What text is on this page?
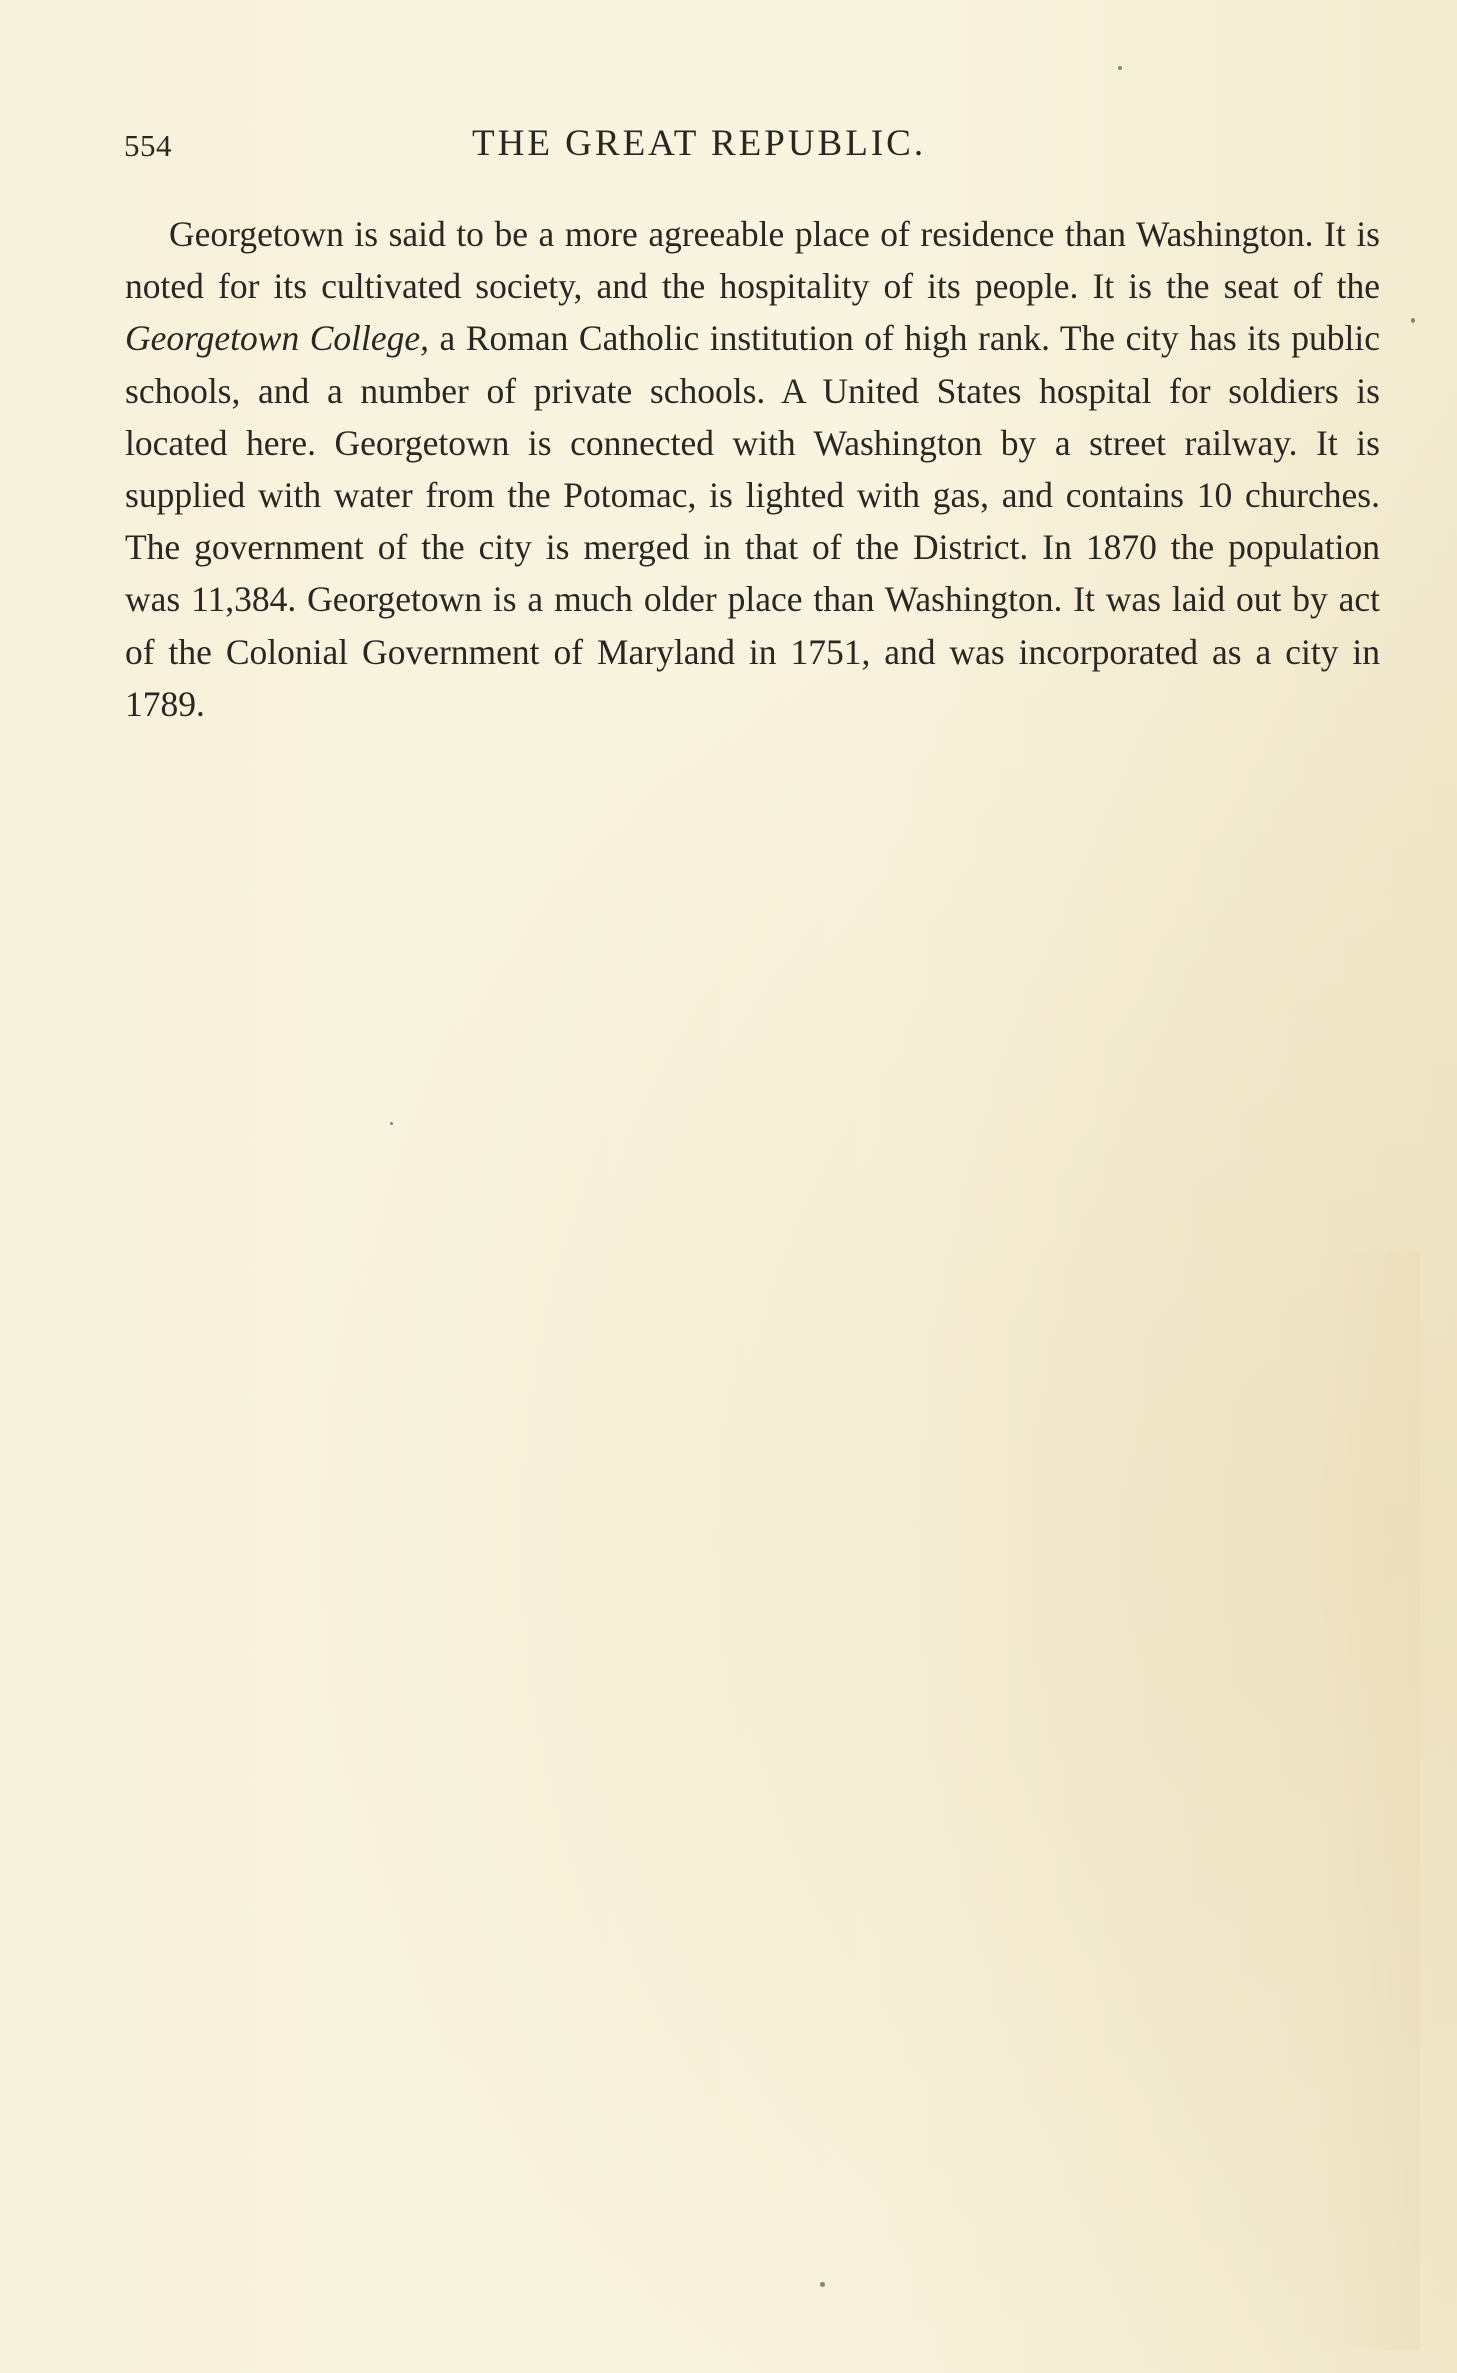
554	THE GREAT REPUBLIC.

Georgetown is said to be a more agreeable place of residence than Washington. It is noted for its cultivated society, and the hospitality of its people. It is the seat of the Georgetown College, a Roman Catholic institution of high rank. The city has its public schools, and a number of private schools. A United States hospital for soldiers is located here. Georgetown is connected with Washington by a street railway. It is supplied with water from the Potomac, is lighted with gas, and contains 10 churches. The government of the city is merged in that of the District. In 1870 the population was 11,384. Georgetown is a much older place than Washington. It was laid out by act of the Colonial Government of Maryland in 1751, and was incorporated as a city in 1789.
